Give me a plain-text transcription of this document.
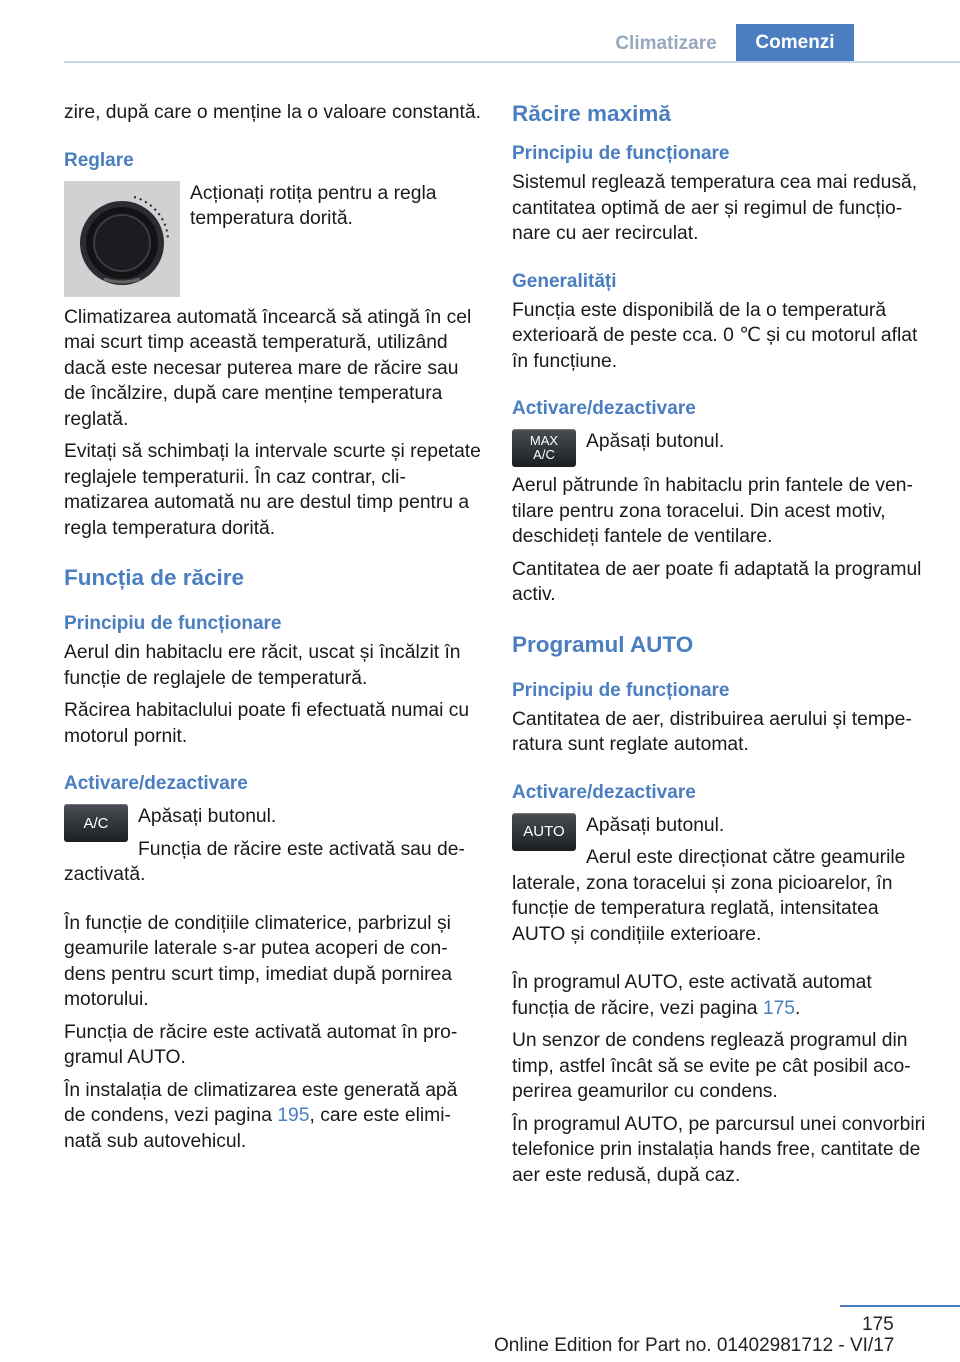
Climatizare	Comenzi

zire, după care o menține la o valoare constantă.

Reglare

Acționați rotița pentru a regla temperatura dorită.

Climatizarea automată încearcă să atingă în cel mai scurt timp această temperatură, utilizând dacă este necesar puterea mare de răcire sau de încălzire, după care menține temperatura reglată.

Evitați să schimbați la intervale scurte și repetate reglajele temperaturii. În caz contrar, climatizarea automată nu are destul timp pentru a regla temperatura dorită.

Funcția de răcire
Principiu de funcționare

Aerul din habitaclu ere răcit, uscat și încălzit în funcție de reglajele de temperatură.

Răcirea habitaclului poate fi efectuată numai cu motorul pornit.

Activare/dezactivare
A/C	Apăsați butonul.

Funcția de răcire este activată sau dezactivată.

În funcție de condițiile climaterice, parbrizul și geamurile laterale s-ar putea acoperi de condens pentru scurt timp, imediat după pornirea motorului.

Funcția de răcire este activată automat în programul AUTO.

În instalația de climatizarea este generată apă de condens, vezi pagina 195, care este eliminată sub autovehicul.

Răcire maximă
Principiu de funcționare

Sistemul reglează temperatura cea mai redusă, cantitatea optimă de aer și regimul de funcționare cu aer recirculat.

Generalități

Funcția este disponibilă de la o temperatură exterioară de peste cca. 0 ℃ și cu motorul aflat în funcțiune.

Activare/dezactivare
MAX
A/C

Apăsați butonul.

Aerul pătrunde în habitaclu prin fantele de ventilare pentru zona toracelui. Din acest motiv, deschideți fantele de ventilare.

Cantitatea de aer poate fi adaptată la programul activ.

Programul AUTO
Principiu de funcționare

Cantitatea de aer, distribuirea aerului și temperatura sunt reglate automat.

Activare/dezactivare
AUTO	Apăsați butonul.

Aerul este direcționat către geamurile laterale, zona toracelui și zona picioarelor, în funcție de temperatura reglată, intensitatea AUTO și condițiile exterioare.

În programul AUTO, este activată automat funcția de răcire, vezi pagina 175.

Un senzor de condens reglează programul din timp, astfel încât să se evite pe cât posibil acoperirea geamurilor cu condens.

În programul AUTO, pe parcursul unei convorbiri telefonice prin instalația hands free, cantitate de aer este redusă, după caz.

175
Online Edition for Part no. 01402981712 - VI/17
